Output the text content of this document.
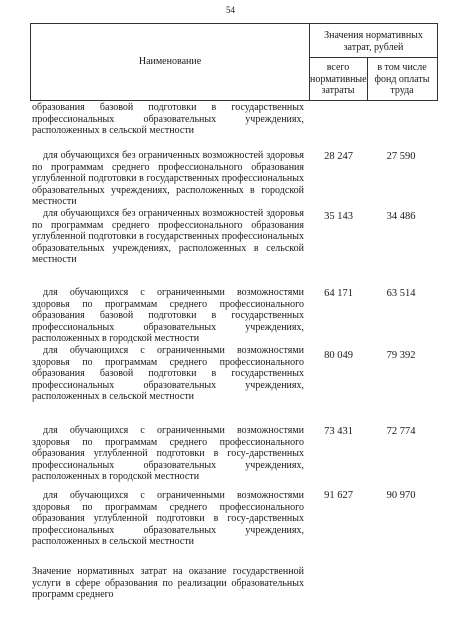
54
Наименование
Значения нормативных затрат, рублей
всего нормативные затраты
в том числе фонд оплаты труда
образования базовой подготовки в государственных профессиональных образовательных учреждениях, расположенных в сельской местности
для обучающихся без ограниченных возможностей здоровья по программам среднего профессионального образования углубленной подготовки в государственных профессиональных образовательных учреждениях, расположенных в городской местности
28 247	27 590
для обучающихся без ограниченных возможностей здоровья по программам среднего профессионального образования углубленной подготовки в государственных профессиональных образовательных учреждениях, расположенных в сельской местности
35 143	34 486
для обучающихся с ограниченными возможностями здоровья по программам среднего профессионального образования базовой подготовки в государственных профессиональных образовательных учреждениях, расположенных в городской местности
64 171	63 514
для обучающихся с ограниченными возможностями здоровья по программам среднего профессионального образования базовой подготовки в государственных профессиональных образовательных учреждениях, расположенных в сельской местности
80 049	79 392
для обучающихся с ограниченными возможностями здоровья по программам среднего профессионального образования углубленной подготовки в госу-дарственных профессиональных образовательных учреждениях, расположенных в городской местности
73 431	72 774
для обучающихся с ограниченными возможностями здоровья по программам среднего профессионального образования углубленной подготовки в госу-дарственных профессиональных образовательных учреждениях, расположенных в сельской местности
91 627	90 970
Значение нормативных затрат на оказание государственной услуги в сфере образования по реализации образовательных программ среднего
